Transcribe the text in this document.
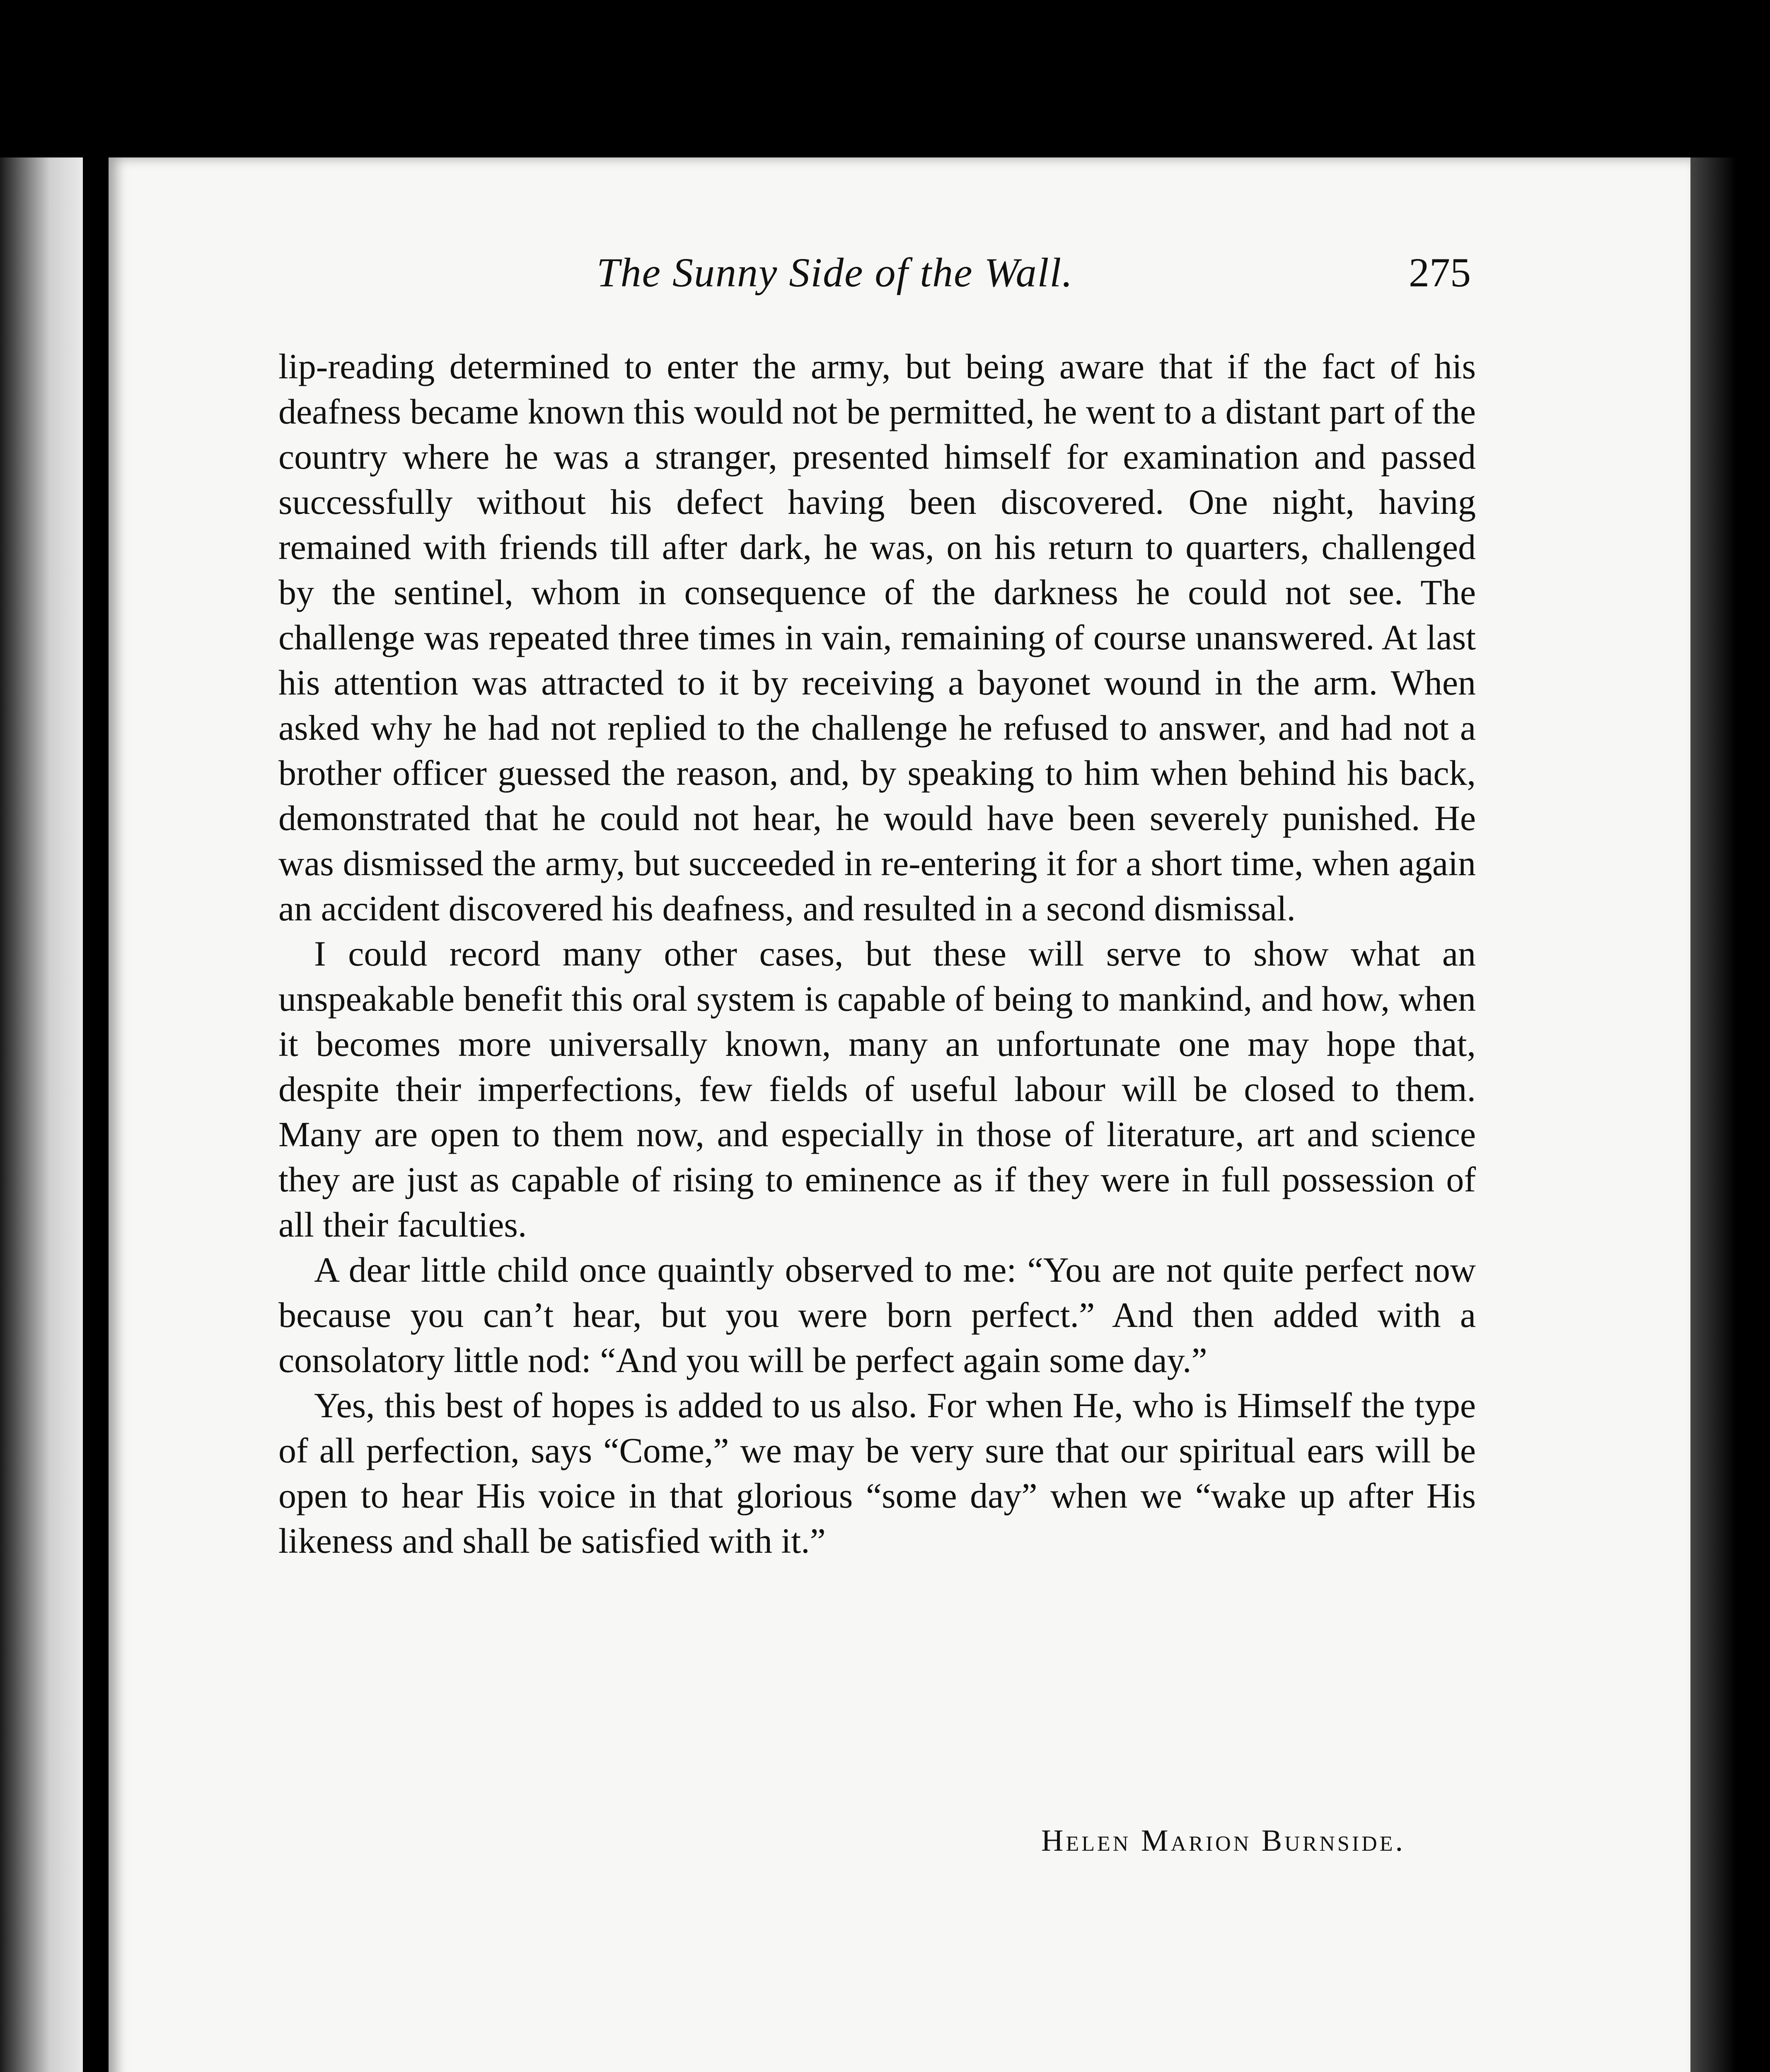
The Sunny Side of the Wall.	275

lip-reading determined to enter the army, but being aware that if the fact of his deafness became known this would not be permitted, he went to a distant part of the country where he was a stranger, presented himself for examination and passed successfully without his defect having been discovered. One night, having remained with friends till after dark, he was, on his return to quarters, challenged by the sentinel, whom in consequence of the darkness he could not see. The challenge was repeated three times in vain, remaining of course unanswered. At last his attention was attracted to it by receiving a bayonet wound in the arm. When asked why he had not replied to the challenge he refused to answer, and had not a brother officer guessed the reason, and, by speaking to him when behind his back, demonstrated that he could not hear, he would have been severely punished. He was dismissed the army, but succeeded in re-entering it for a short time, when again an accident discovered his deafness, and resulted in a second dismissal.

I could record many other cases, but these will serve to show what an unspeakable benefit this oral system is capable of being to mankind, and how, when it becomes more universally known, many an unfortunate one may hope that, despite their imperfections, few fields of useful labour will be closed to them. Many are open to them now, and especially in those of literature, art and science they are just as capable of rising to eminence as if they were in full possession of all their faculties.

A dear little child once quaintly observed to me: “You are not quite perfect now because you can’t hear, but you were born perfect.” And then added with a consolatory little nod: “And you will be perfect again some day.”

Yes, this best of hopes is added to us also. For when He, who is Himself the type of all perfection, says “Come,” we may be very sure that our spiritual ears will be open to hear His voice in that glorious “some day” when we “wake up after His likeness and shall be satisfied with it.”

Helen Marion Burnside.
